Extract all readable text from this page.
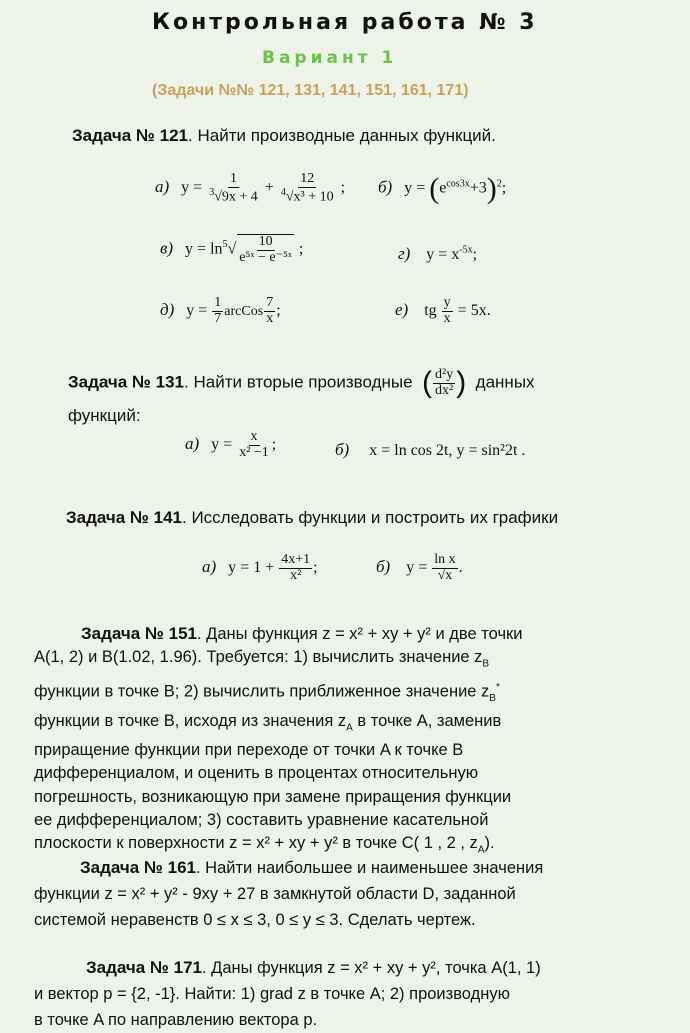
Контрольная работа № 3
Вариант 1
(Задачи №№ 121, 131, 141, 151, 161, 171)
Задача № 121. Найти производные данных функций.
а) $y = \frac{1}{^3√9x + 4} + \frac{12}{^4√x^3 + 10}$ ; б) $y = (e^{cos3x}+3)^2$;
в) $y = \ln^5√ \frac{10}{\text{e⁵ˣ − e⁻⁵ˣ}}$ ;	г) $y = x^{-5x}$;
д) $y = \frac{1}{7}$ arcCos $\frac{7}{x}$ ;	е) tg $\frac{y}{x} = 5x$.
Задача № 131. Найти вторые производные ( $\frac{\text{d²y}}{\text{dx²}}$ ) данных
функций:
а) $y = \frac{x}{\text{x² −1}}$ ;	б) x = ln cos 2t, y = sin²2t .
Задача № 141. Исследовать функции и построить их графики
а) $y = 1 + \frac{4x+1}{\text{x²}}$ ;	б) $y = \frac{\text{ln x}}{√x}$ .

Задача № 151. Даны функция z = x² + xy + y² и две точки

A(1, 2) и B(1.02, 1.96). Требуется: 1) вычислить значение $z_B$

функции в точке B; 2) вычислить приближенное значение $z_B^*$

функции в точке B, исходя из значения $z_A$ в точке A, заменив

приращение функции при переходе от точки A к точке B

дифференциалом, и оценить в процентах относительную

погрешность, возникающую при замене приращения функции

ее дифференциалом; 3) составить уравнение касательной

плоскости к поверхности z = x² + xy + y² в точке C( 1 , 2 , $z_A$).

Задача № 161. Найти наибольшее и наименьшее значения

функции z = x² + y² - 9xy + 27 в замкнутой области D, заданной

системой неравенств 0 ≤ x ≤ 3, 0 ≤ y ≤ 3. Сделать чертеж.

Задача № 171. Даны функция z = x² + xy + y², точка A(1, 1)

и вектор p = {2, -1}. Найти: 1) grad z в точке A; 2) производную

в точке A по направлению вектора p.
